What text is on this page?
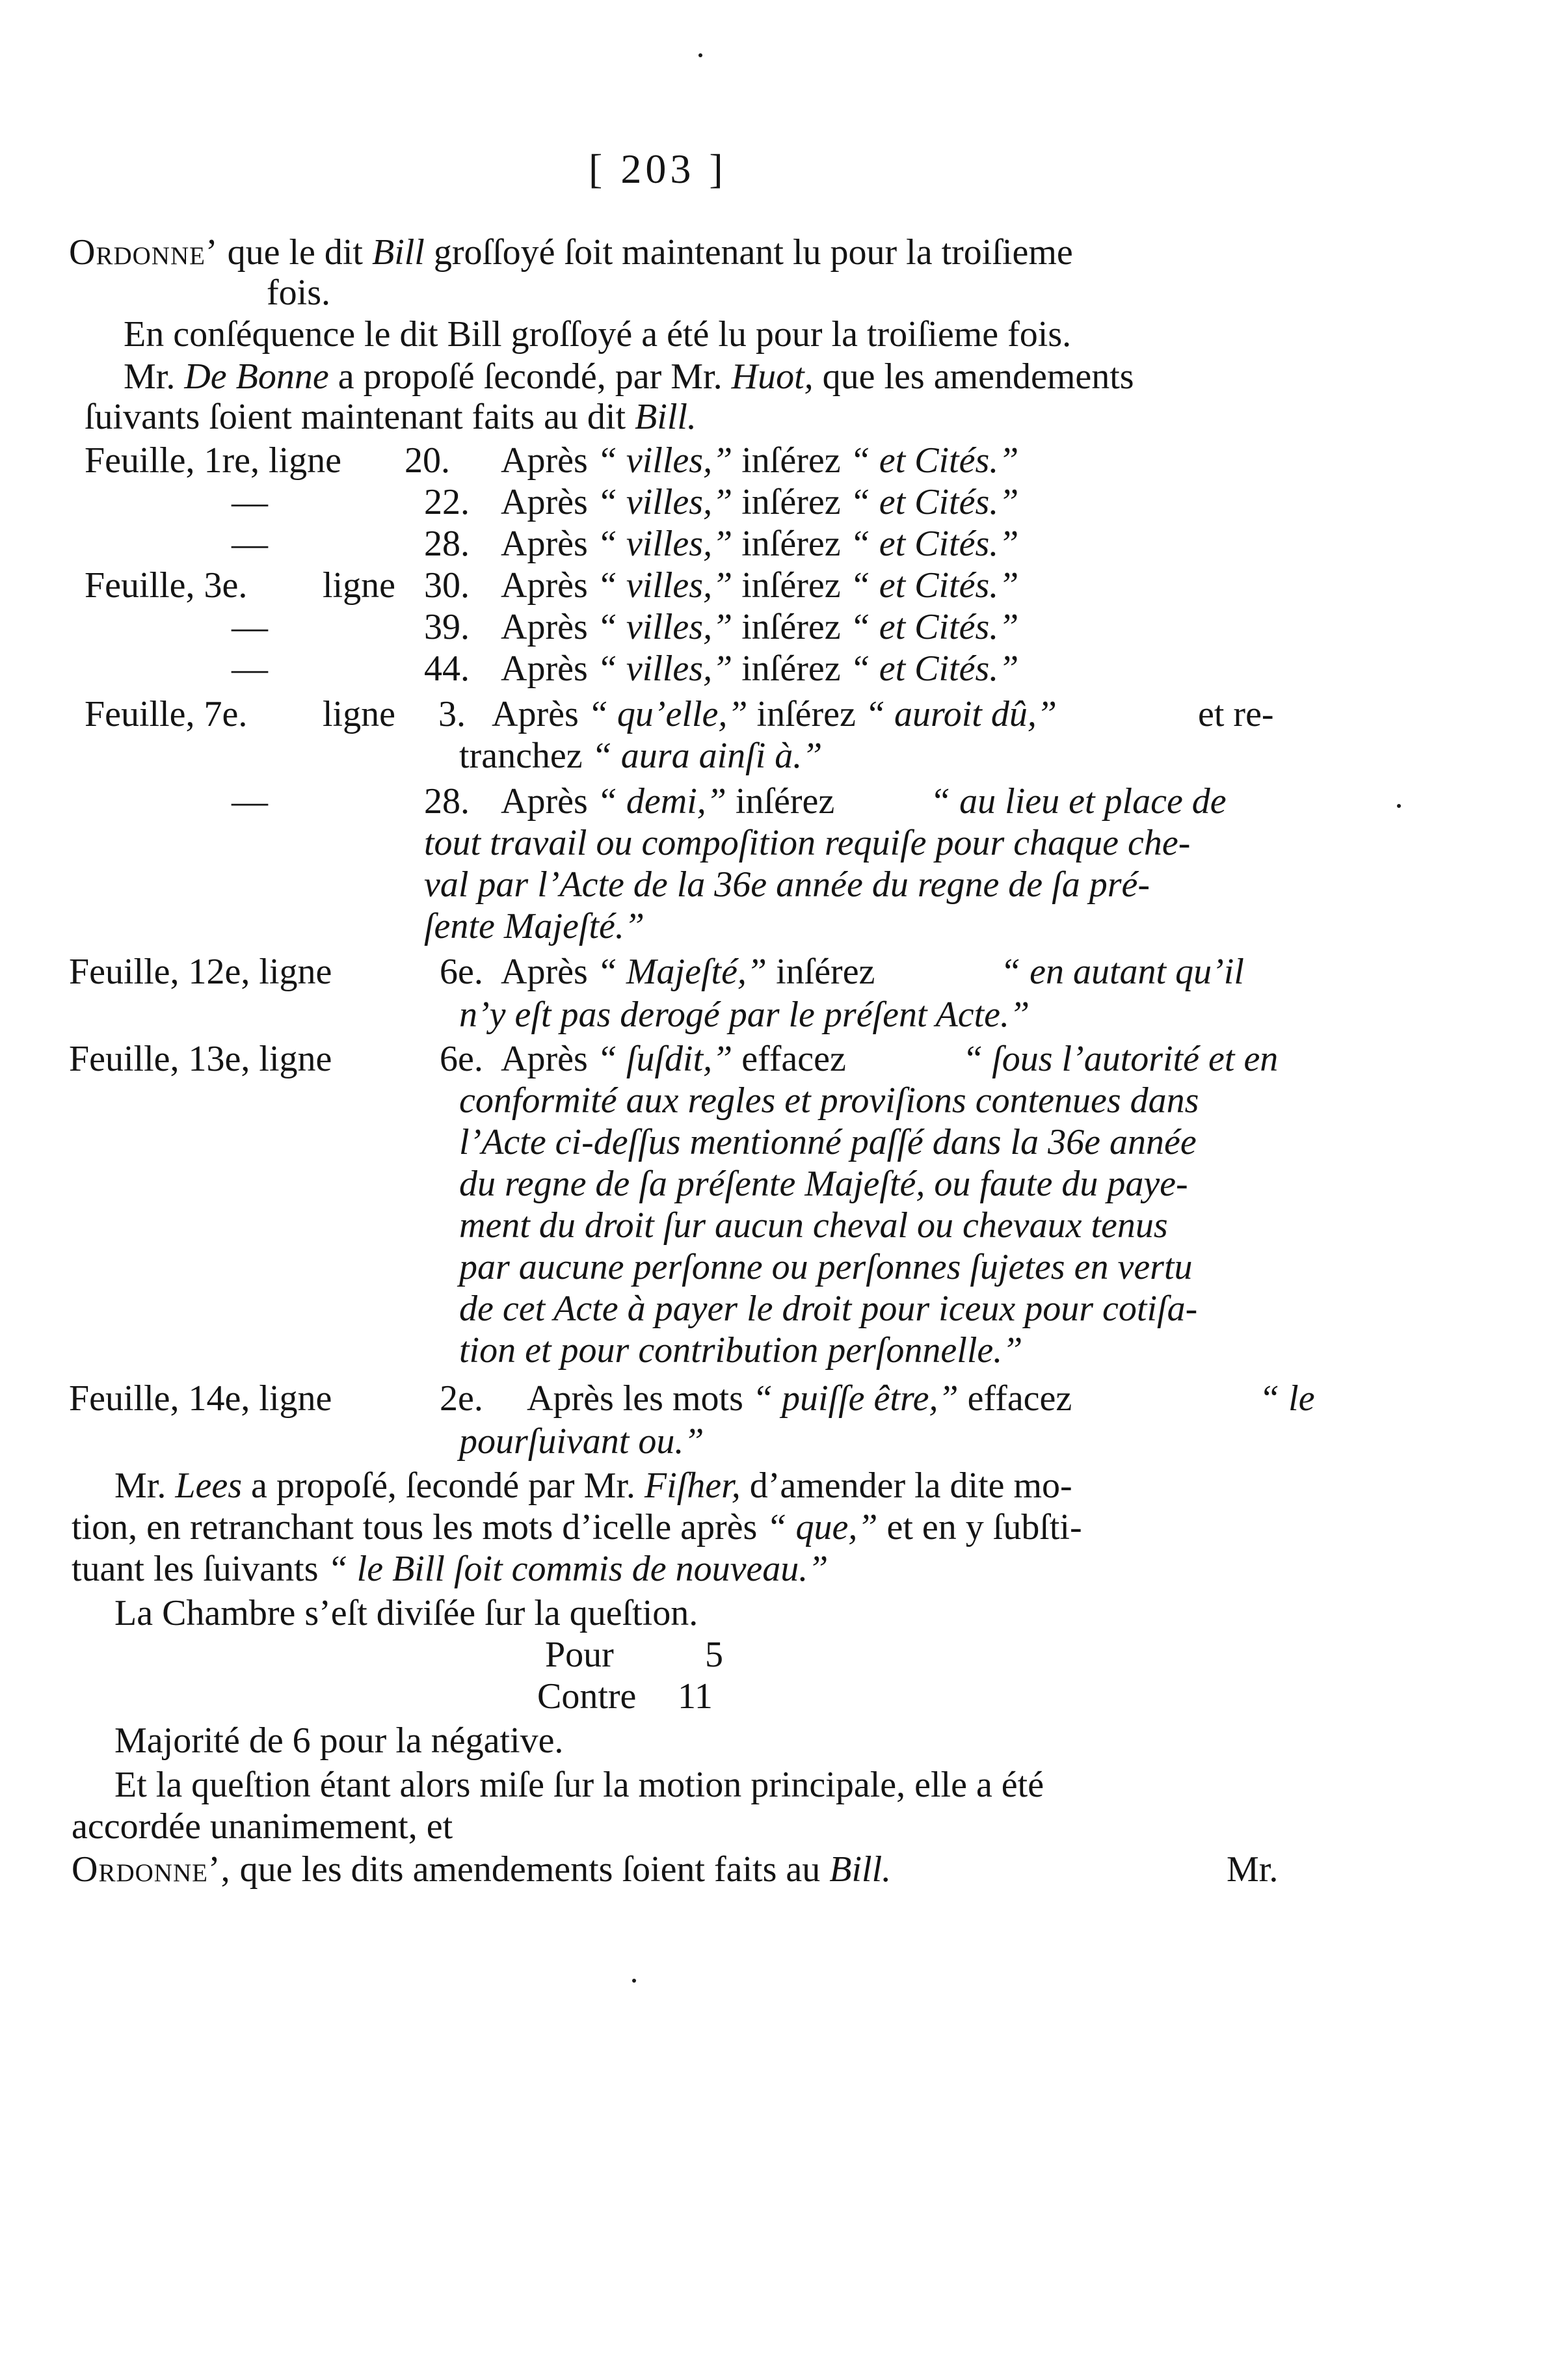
[ 203 ]
Ordonne’ que le dit Bill groſſoyé ſoit maintenant lu pour la troiſieme
fois.
En conſéquence le dit Bill groſſoyé a été lu pour la troiſieme fois.
Mr. De Bonne a propoſé ſecondé, par Mr. Huot, que les amendements
ſuivants ſoient maintenant faits au dit Bill.
Feuille, 1re, ligne 20. Après “ villes,” inſérez “ et Cités.”
—	22. Après “ villes,” inſérez “ et Cités.”
—	28. Après “ villes,” inſérez “ et Cités.”
Feuille, 3e. ligne 30. Après “ villes,” inſérez “ et Cités.”
—	39. Après “ villes,” inſérez “ et Cités.”
—	44. Après “ villes,” inſérez “ et Cités.”
Feuille, 7e. ligne 3. Après “ qu’elle,” inſérez “ auroit dû,”	et re-
tranchez “ aura ainſi à.”
—	28. Après “ demi,” inſérez	“ au lieu et place de
tout travail ou compoſition requiſe pour chaque che-
val par l’Acte de la 36e année du regne de ſa pré-
ſente Majeſté.”
Feuille, 12e, ligne	6e. Après “ Majeſté,” inſérez	“ en autant qu’il
n’y eſt pas derogé par le préſent Acte.”
Feuille, 13e, ligne	6e. Après “ ſuſdit,” effacez	“ ſous l’autorité et en
conformité aux regles et proviſions contenues dans
l’Acte ci-deſſus mentionné paſſé dans la 36e année
du regne de ſa préſente Majeſté, ou faute du paye-
ment du droit ſur aucun cheval ou chevaux tenus
par aucune perſonne ou perſonnes ſujetes en vertu
de cet Acte à payer le droit pour iceux pour cotiſa-
tion et pour contribution perſonnelle.”
Feuille, 14e, ligne	2e. Après les mots “ puiſſe être,” effacez	“ le
pourſuivant ou.”
Mr. Lees a propoſé, ſecondé par Mr. Fiſher, d’amender la dite mo-
tion, en retranchant tous les mots d’icelle après “ que,” et en y ſubſti-
tuant les ſuivants “ le Bill ſoit commis de nouveau.”
La Chambre s’eſt diviſée ſur la queſtion.
Pour	5
Contre 11
Majorité de 6 pour la négative.
Et la queſtion étant alors miſe ſur la motion principale, elle a été
accordée unanimement, et
Ordonne’, que les dits amendements ſoient faits au Bill.	Mr.
